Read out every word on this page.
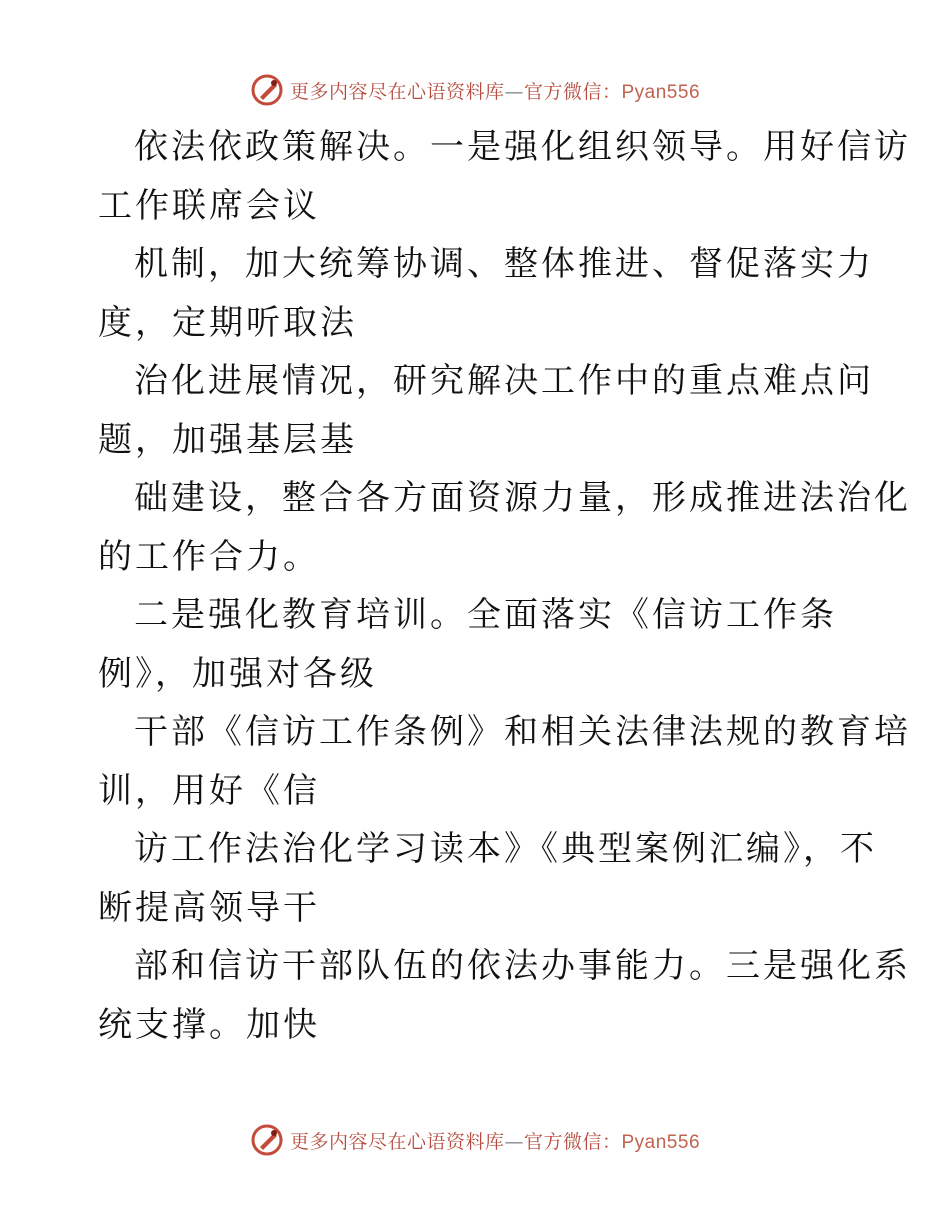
更多内容尽在心语资料库—官方微信：Pyan556
依法依政策解决。一是强化组织领导。用好信访
工作联席会议
机制，加大统筹协调、整体推进、督促落实力
度，定期听取法
治化进展情况，研究解决工作中的重点难点问
题，加强基层基
础建设，整合各方面资源力量，形成推进法治化
的工作合力。
二是强化教育培训。全面落实《信访工作条
例》，加强对各级
干部《信访工作条例》和相关法律法规的教育培
训，用好《信
访工作法治化学习读本》《典型案例汇编》，不
断提高领导干
部和信访干部队伍的依法办事能力。三是强化系
统支撑。加快
更多内容尽在心语资料库—官方微信：Pyan556
